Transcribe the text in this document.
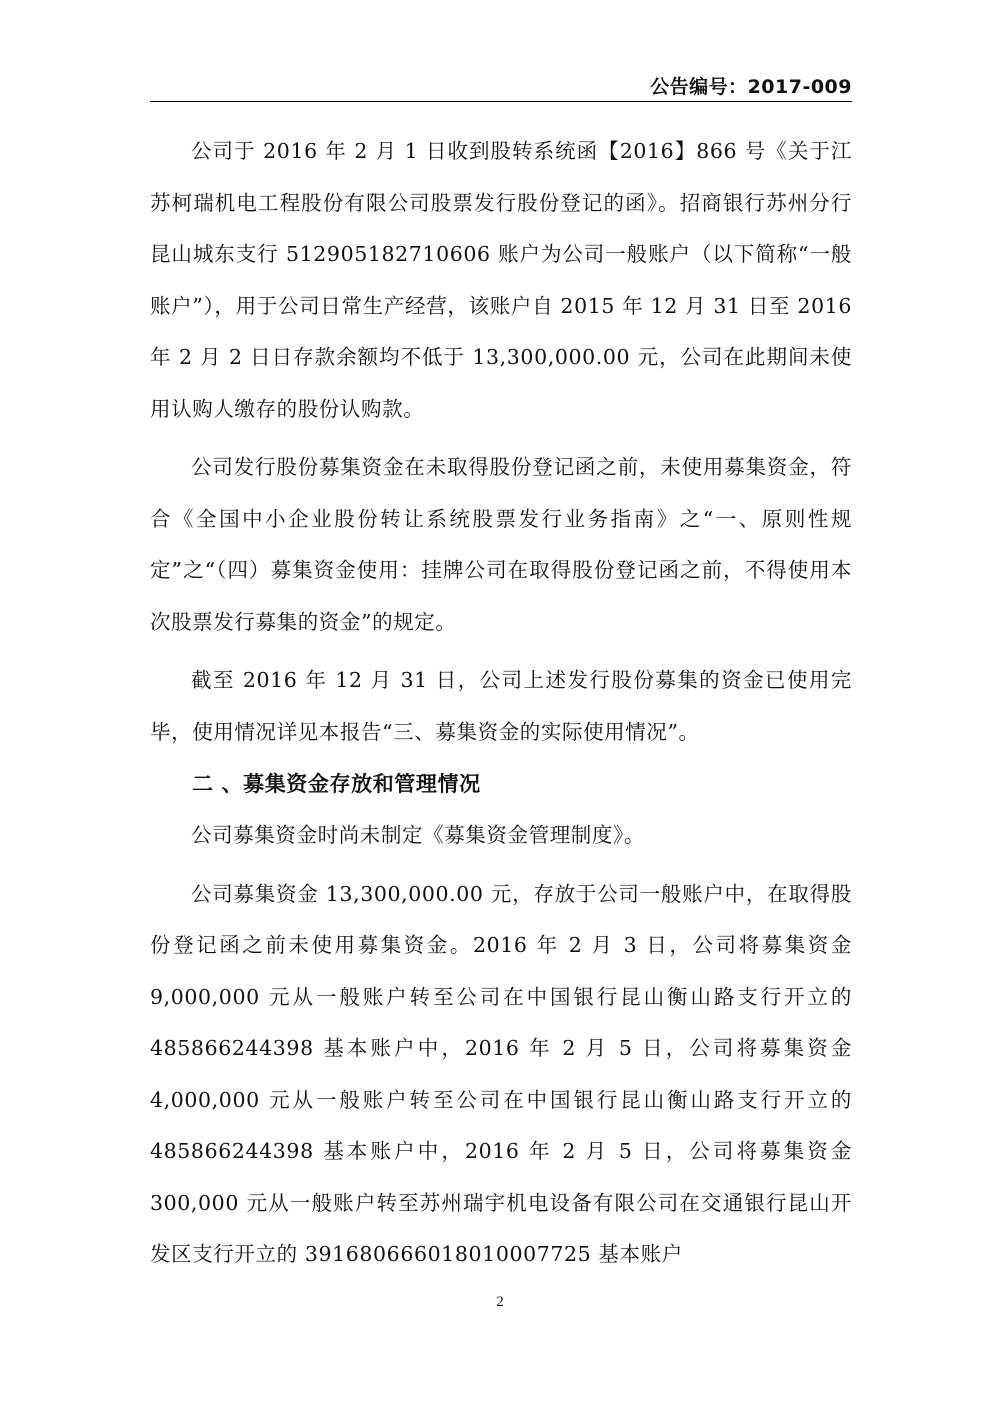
公告编号：2017-009

公司于 2016 年 2 月 1 日收到股转系统函【2016】866 号《关于江苏柯瑞机电工程股份有限公司股票发行股份登记的函》。招商银行苏州分行昆山城东支行 512905182710606 账户为公司一般账户（以下简称“一般账户”），用于公司日常生产经营，该账户自 2015 年 12 月 31 日至 2016 年 2 月 2 日日存款余额均不低于 13,300,000.00 元，公司在此期间未使用认购人缴存的股份认购款。

公司发行股份募集资金在未取得股份登记函之前，未使用募集资金，符合《全国中小企业股份转让系统股票发行业务指南》之“一、原则性规定”之“（四）募集资金使用：挂牌公司在取得股份登记函之前，不得使用本次股票发行募集的资金”的规定。

截至 2016 年 12 月 31 日，公司上述发行股份募集的资金已使用完毕，使用情况详见本报告“三、募集资金的实际使用情况”。

二 、募集资金存放和管理情况

公司募集资金时尚未制定《募集资金管理制度》。

公司募集资金 13,300,000.00 元，存放于公司一般账户中，在取得股份登记函之前未使用募集资金。2016 年 2 月 3 日，公司将募集资金 9,000,000 元从一般账户转至公司在中国银行昆山衡山路支行开立的 485866244398 基本账户中，2016 年 2 月 5 日，公司将募集资金 4,000,000 元从一般账户转至公司在中国银行昆山衡山路支行开立的 485866244398 基本账户中，2016 年 2 月 5 日，公司将募集资金 300,000 元从一般账户转至苏州瑞宇机电设备有限公司在交通银行昆山开发区支行开立的 391680666018010007725 基本账户

2
